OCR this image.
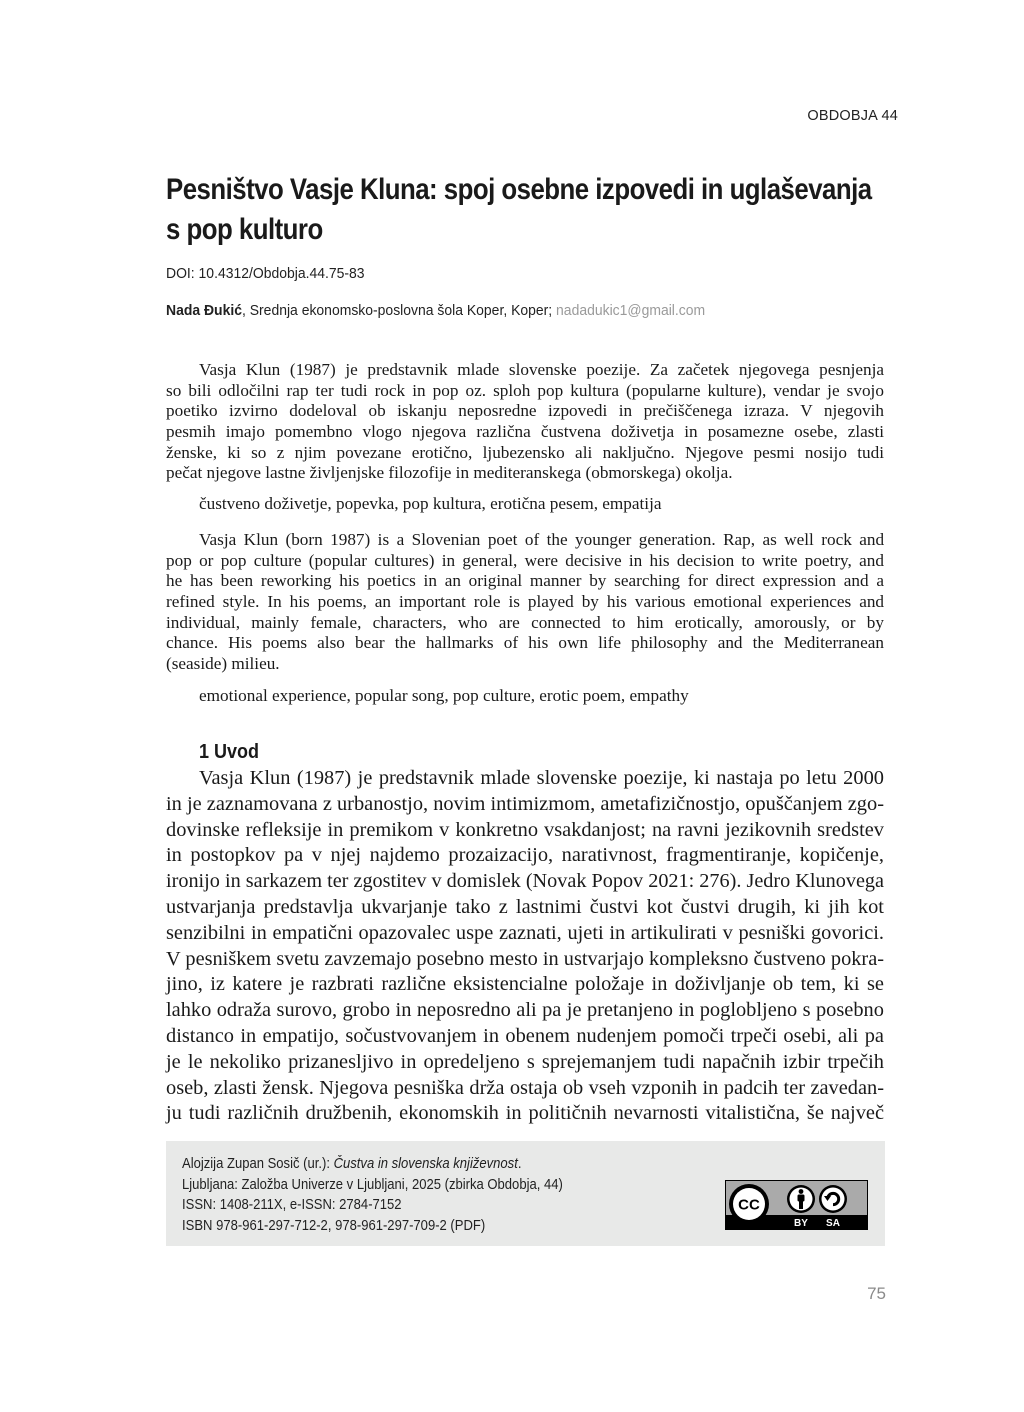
OBDOBJA 44
Pesništvo Vasje Kluna: spoj osebne izpovedi in uglaševanja
s pop kulturo
DOI: 10.4312/Obdobja.44.75-83
Nada Đukić, Srednja ekonomsko-poslovna šola Koper, Koper; nadadukic1@gmail.com
Vasja Klun (1987) je predstavnik mlade slovenske poezije. Za začetek njegovega pesnjenja
so bili odločilni rap ter tudi rock in pop oz. sploh pop kultura (popularne kulture), vendar je svojo
poetiko izvirno dodeloval ob iskanju neposredne izpovedi in prečiščenega izraza. V njegovih
pesmih imajo pomembno vlogo njegova različna čustvena doživetja in posamezne osebe, zlasti
ženske, ki so z njim povezane erotično, ljubezensko ali naključno. Njegove pesmi nosijo tudi
pečat njegove lastne življenjske filozofije in mediteranskega (obmorskega) okolja.
čustveno doživetje, popevka, pop kultura, erotična pesem, empatija
Vasja Klun (born 1987) is a Slovenian poet of the younger generation. Rap, as well rock and
pop or pop culture (popular cultures) in general, were decisive in his decision to write poetry, and
he has been reworking his poetics in an original manner by searching for direct expression and a
refined style. In his poems, an important role is played by his various emotional experiences and
individual, mainly female, characters, who are connected to him erotically, amorously, or by
chance. His poems also bear the hallmarks of his own life philosophy and the Mediterranean
(seaside) milieu.
emotional experience, popular song, pop culture, erotic poem, empathy
1 Uvod
Vasja Klun (1987) je predstavnik mlade slovenske poezije, ki nastaja po letu 2000
in je zaznamovana z urbanostjo, novim intimizmom, ametafizičnostjo, opuščanjem zgo-
dovinske refleksije in premikom v konkretno vsakdanjost; na ravni jezikovnih sredstev
in postopkov pa v njej najdemo prozaizacijo, narativnost, fragmentiranje, kopičenje,
ironijo in sarkazem ter zgostitev v domislek (Novak Popov 2021: 276). Jedro Klunovega
ustvarjanja predstavlja ukvarjanje tako z lastnimi čustvi kot čustvi drugih, ki jih kot
senzibilni in empatični opazovalec uspe zaznati, ujeti in artikulirati v pesniški govorici.
V pesniškem svetu zavzemajo posebno mesto in ustvarjajo kompleksno čustveno pokra-
jino, iz katere je razbrati različne eksistencialne položaje in doživljanje ob tem, ki se
lahko odraža surovo, grobo in neposredno ali pa je pretanjeno in poglobljeno s posebno
distanco in empatijo, sočustvovanjem in obenem nudenjem pomoči trpeči osebi, ali pa
je le nekoliko prizanesljivo in opredeljeno s sprejemanjem tudi napačnih izbir trpečih
oseb, zlasti žensk. Njegova pesniška drža ostaja ob vseh vzponih in padcih ter zavedan-
ju tudi različnih družbenih, ekonomskih in političnih nevarnosti vitalistična, še največ
Alojzija Zupan Sosič (ur.): Čustva in slovenska književnost.
Ljubljana: Založba Univerze v Ljubljani, 2025 (zbirka Obdobja, 44)
ISSN: 1408-211X, e-ISSN: 2784-7152
ISBN 978-961-297-712-2, 978-961-297-709-2 (PDF)
CC
BY SA
75
